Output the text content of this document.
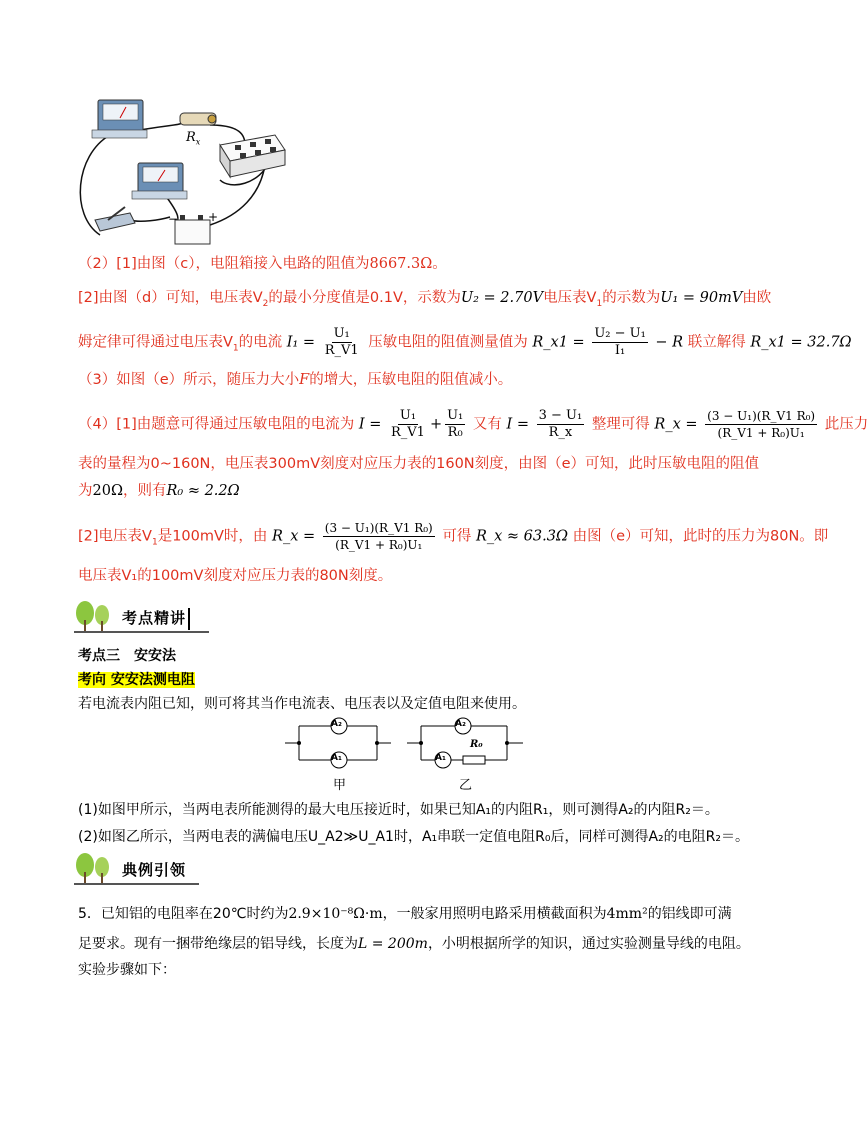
− +
$R_x$
（2）[1]由图（c），电阻箱接入电路的阻值为8667.3Ω。
[2]由图（d）可知，电压表$V_2$的最小分度值是0.1V，示数为U₂ = 2.70V电压表$V_1$的示数为U₁ = 90mV由欧
姆定律可得通过电压表$V_1$的电流 $I_1 = \frac{\text{U₁}}{R\_V1}$ 压敏电阻的阻值测量值为 R_x1 = $\frac{\text{U₂ − U₁}}{\text{I₁}} - R$ 联立解得 R_x1 = 32.7Ω
（3）如图（e）所示，随压力大小F的增大，压敏电阻的阻值减小。
（4）[1]由题意可得通过压敏电阻的电流为 $I = \frac{\text{U₁}}{R\_V1} + \frac{\text{U₁}}{\text{R₀}}$ 又有 $I = \frac{\text{3 − U₁}}{R\_x}$ 整理可得 R_x = $\frac{\text{(3 − U₁)(R\_V1 R₀)}}{\text{(R\_V1 + R₀)U₁}}$ 此压力
表的量程为0~160N，电压表300mV刻度对应压力表的160N刻度，由图（e）可知，此时压敏电阻的阻值
为20Ω，则有R₀ ≈ 2.2Ω
[2]电压表$V_1$是100mV时，由 R_x = $\frac{\text{(3 − U₁)(R\_V1 R₀)}}{\text{(R\_V1 + R₀)U₁}}$ 可得 R_x ≈ 63.3Ω 由图（e）可知，此时的压力为80N。即
电压表V₁的100mV刻度对应压力表的80N刻度。
考点精讲
考点三　安安法
考向 安安法测电阻
若电流表内阻已知，则可将其当作电流表、电压表以及定值电阻来使用。
A₂
A₁
A₂
A₁
R₀
甲	乙
(1)如图甲所示，当两电表所能测得的最大电压接近时，如果已知A₁的内阻R₁，则可测得A₂的内阻R₂＝。
(2)如图乙所示，当两电表的满偏电压U_A2≫U_A1时，A₁串联一定值电阻R₀后，同样可测得A₂的电阻R₂＝。
典例引领
5．已知铝的电阻率在20℃时约为2.9×10⁻⁸Ω·m，一般家用照明电路采用横截面积为4mm²的铝线即可满
足要求。现有一捆带绝缘层的铝导线，长度为L = 200m，小明根据所学的知识，通过实验测量导线的电阻。
实验步骤如下：
